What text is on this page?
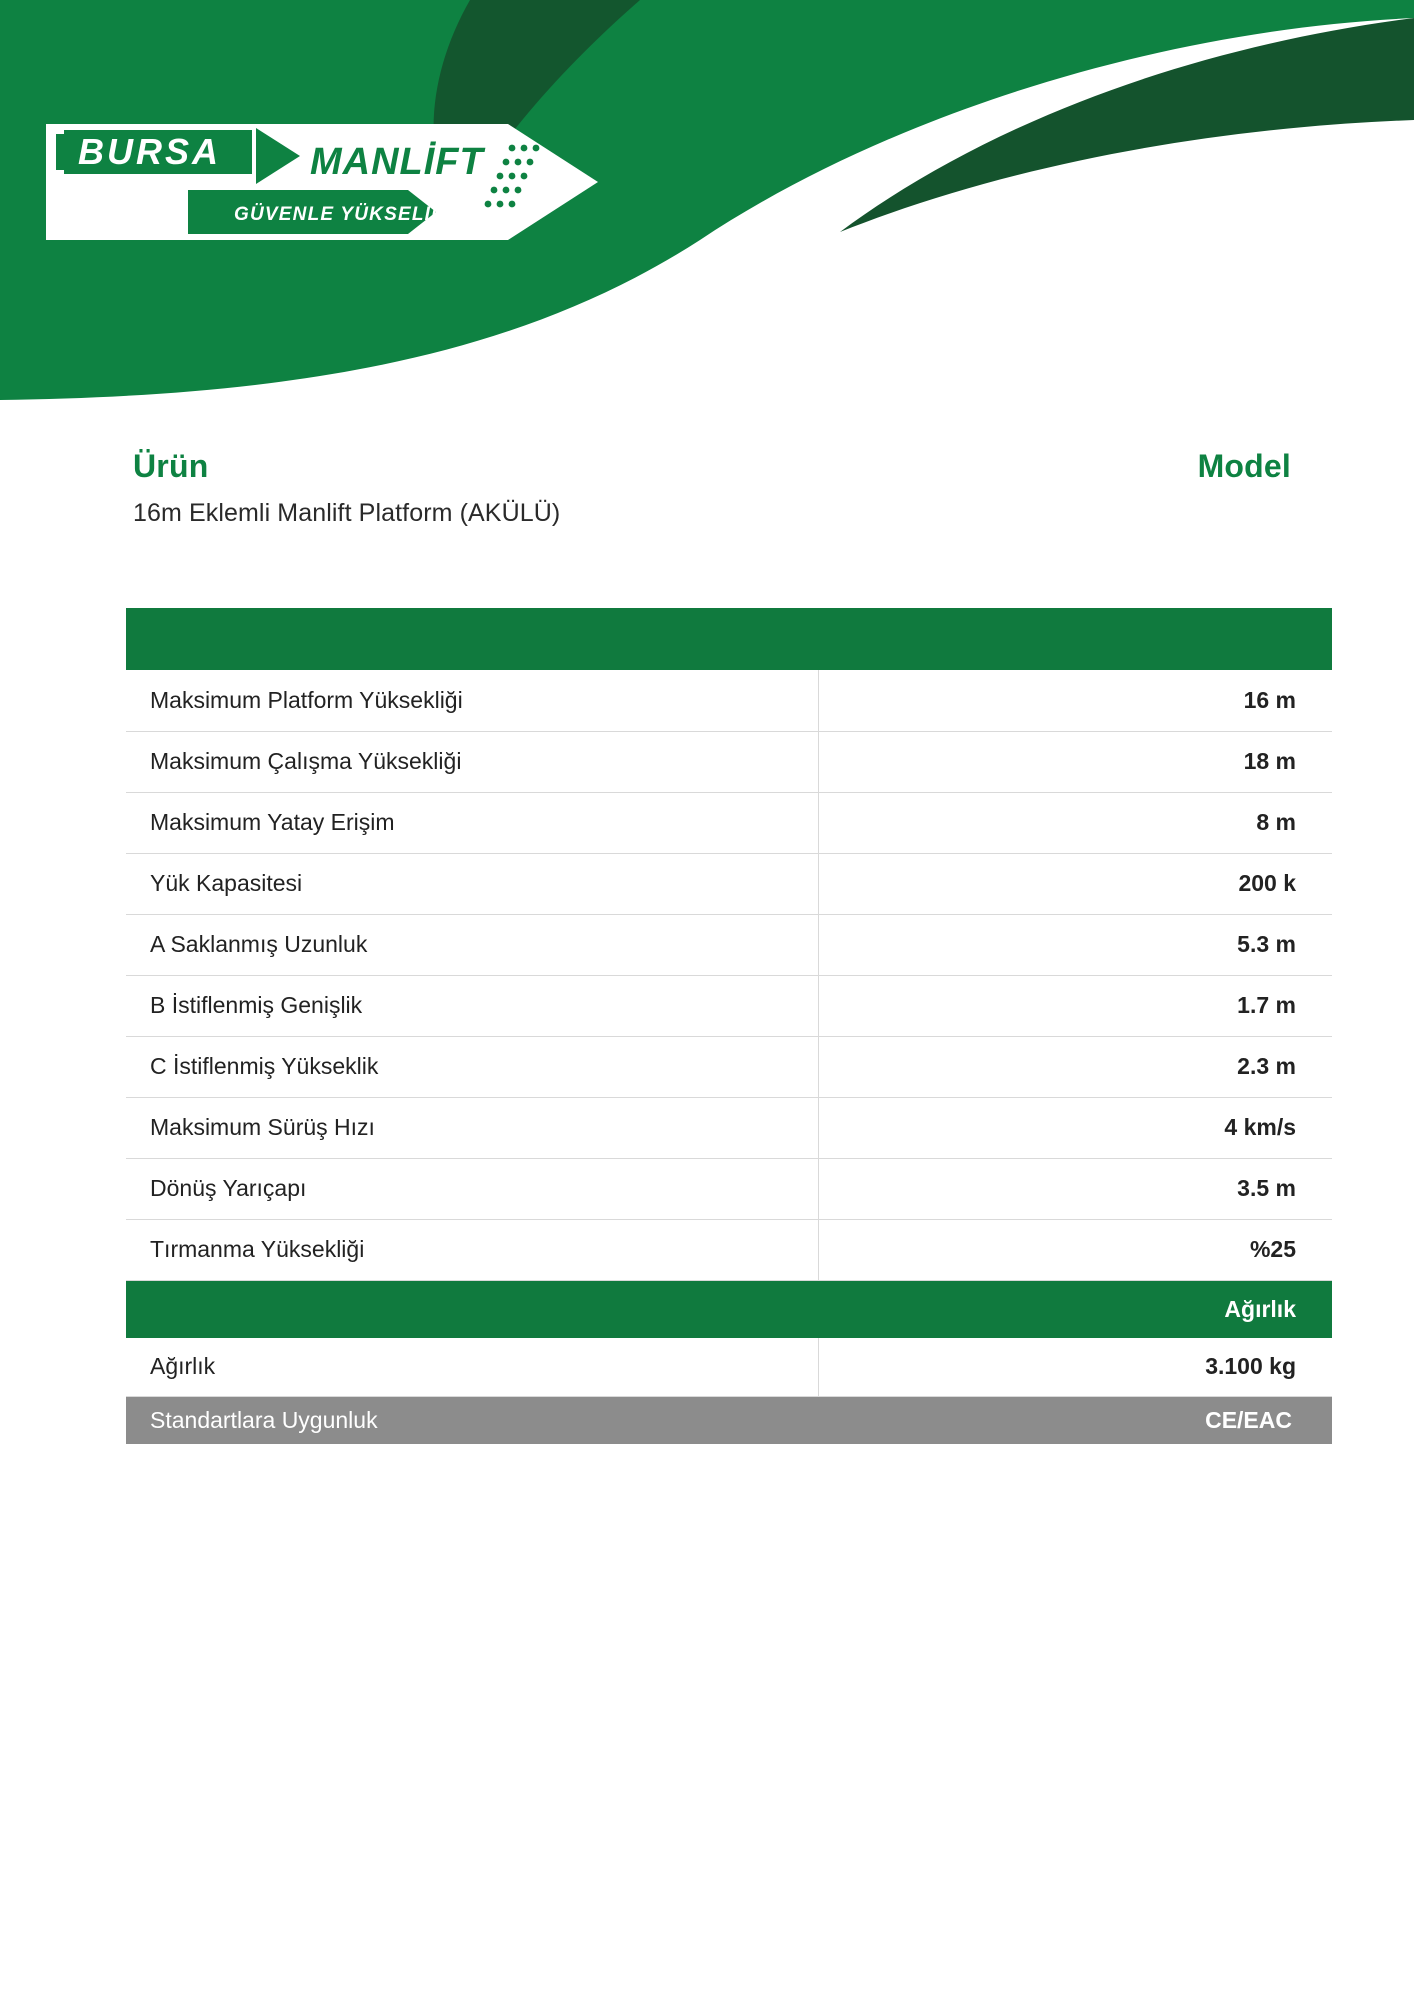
BURSA MANLİFT
GÜVENLE YÜKSELİN
Ürün	Model
16m Eklemli Manlift Platform (AKÜLÜ)

Maksimum Platform Yüksekliği	16 m
Maksimum Çalışma Yüksekliği	18 m
Maksimum Yatay Erişim	8 m
Yük Kapasitesi	200 k
A Saklanmış Uzunluk	5.3 m
B İstiflenmiş Genişlik	1.7 m
C İstiflenmiş Yükseklik	2.3 m
Maksimum Sürüş Hızı	4 km/s
Dönüş Yarıçapı	3.5 m
Tırmanma Yüksekliği	%25
	Ağırlık
Ağırlık	3.100 kg
Standartlara Uygunluk	CE/EAC
